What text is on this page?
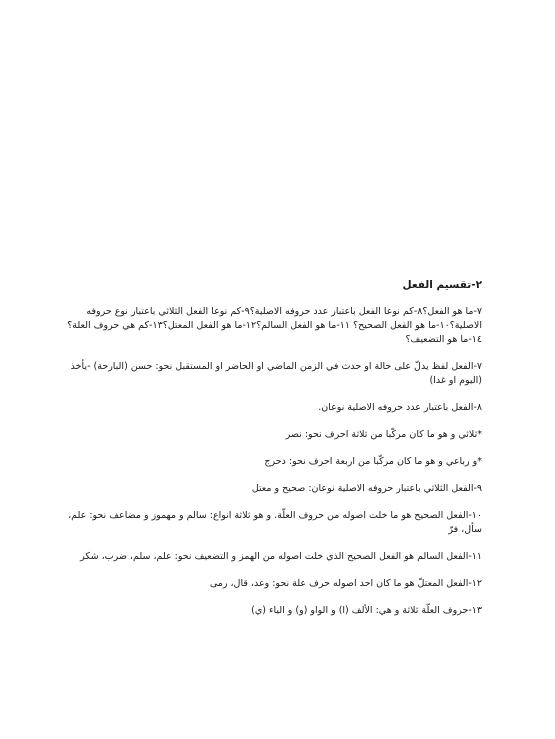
٢-تقسيم الفعل

٧-ما هو الفعل؟٨-كم نوعا الفعل باعتبار عدد حروفه الاصلية؟٩-كم نوعا الفعل الثلاثي باعتبار نوع حروفه الاصلية؟١٠-ما هو الفعل الصحيح؟ ١١-ما هو الفعل السالم؟١٢-ما هو الفعل المعتل؟١٣-كم هي حروف العلة؟١٤-ما هو التضعيف؟

٧-الفعل لفظ يدلّ على حالة او حدث في الزمن الماضي او الحاضر او المستقبل نحو: حسن (البارحة) -يأخذ (اليوم او غدا)

٨-الفعل باعتبار عدد حروفه الاصلية نوعان.

*ثلاثي و هو ما كان مركّبا من ثلاثة احرف نحو: نصر

*و رباعي و هو ما كان مركّبا من اربعة احرف نحو: دحرج

٩-الفعل الثلاثي باعتبار حروفه الاصلية نوعان: صحيح و معتل

١٠-الفعل الصحيح هو ما خلت اصوله من حروف العلّة. و هو ثلاثة انواع: سالم و مهموز و مضاعف نحو: علم، سأل، فرّ

١١-الفعل السالم هو الفعل الصحيح الذي خلت اصوله من الهمز و التضعيف نحو: علم، سلم، ضرب، شكر

١٢-الفعل المعتلّ هو ما كان احد اصوله حرف علة نحو: وعد، قال، رمى

١٣-حروف العلّة ثلاثة و هي: الألف (ا) و الواو (و) و الياء (ي)
